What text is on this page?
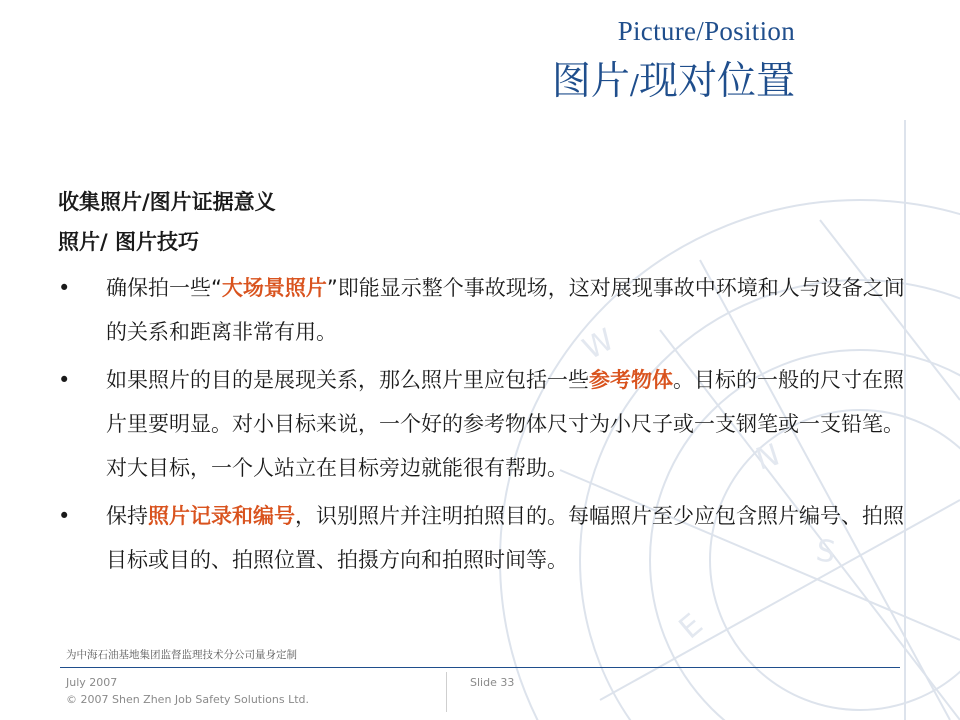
W
N
S
E
Picture/Position
图片/现对位置
收集照片/图片证据意义
照片/ 图片技巧
• 确保拍一些“大场景照片”即能显示整个事故现场，这对展现事故中环境和人与设备之间的关系和距离非常有用。
• 如果照片的目的是展现关系，那么照片里应包括一些参考物体。目标的一般的尺寸在照片里要明显。对小目标来说，一个好的参考物体尺寸为小尺子或一支钢笔或一支铅笔。对大目标，一个人站立在目标旁边就能很有帮助。
• 保持照片记录和编号，识别照片并注明拍照目的。每幅照片至少应包含照片编号、拍照目标或目的、拍照位置、拍摄方向和拍照时间等。
为中海石油基地集团监督监理技术分公司量身定制
July 2007
© 2007 Shen Zhen Job Safety Solutions Ltd.
Slide 33
